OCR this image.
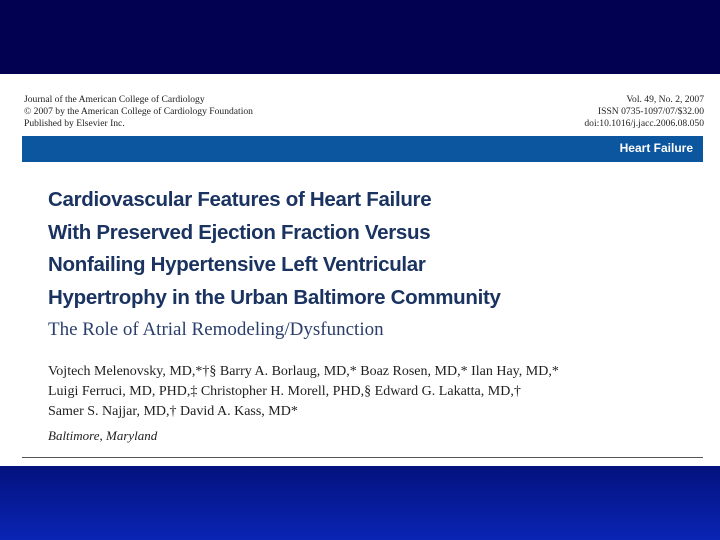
Journal of the American College of Cardiology
© 2007 by the American College of Cardiology Foundation
Published by Elsevier Inc.
Vol. 49, No. 2, 2007
ISSN 0735-1097/07/$32.00
doi:10.1016/j.jacc.2006.08.050
Heart Failure
Cardiovascular Features of Heart Failure
With Preserved Ejection Fraction Versus
Nonfailing Hypertensive Left Ventricular
Hypertrophy in the Urban Baltimore Community
The Role of Atrial Remodeling/Dysfunction
Vojtech Melenovsky, MD,*†§ Barry A. Borlaug, MD,* Boaz Rosen, MD,* Ilan Hay, MD,*
Luigi Ferruci, MD, PHD,‡ Christopher H. Morell, PHD,§ Edward G. Lakatta, MD,†
Samer S. Najjar, MD,† David A. Kass, MD*
Baltimore, Maryland
